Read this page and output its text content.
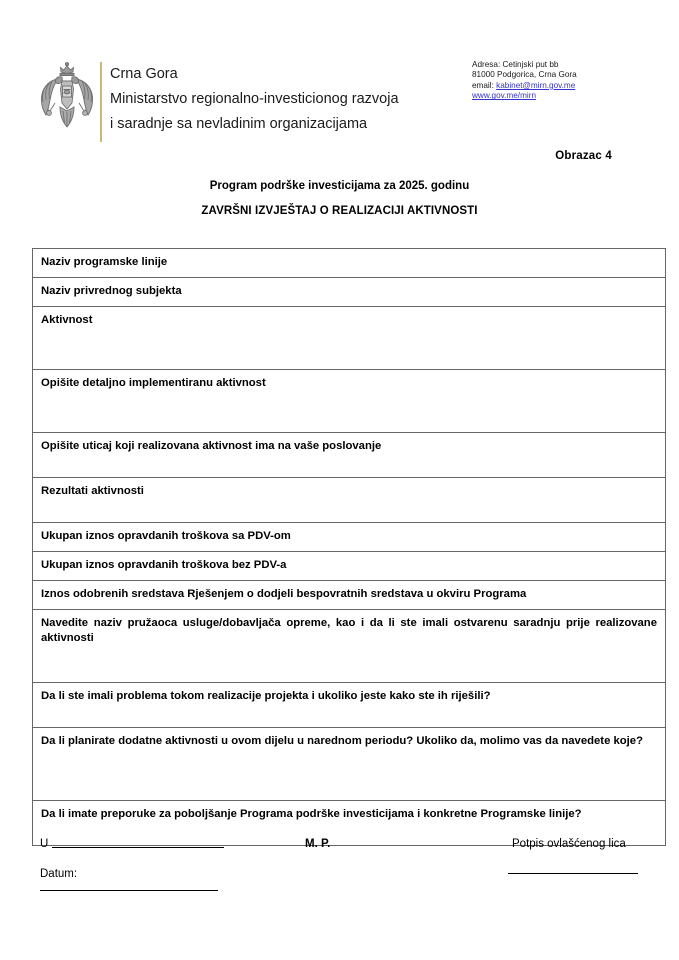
Crna Gora
Ministarstvo regionalno-investicionog razvoja
i saradnje sa nevladinim organizacijama
Adresa: Cetinjski put bb
81000 Podgorica, Crna Gora
email: kabinet@mirn.gov.me
www.gov.me/mirn
Obrazac 4
Program podrške investicijama za 2025. godinu
ZAVRŠNI IZVJEŠTAJ O REALIZACIJI AKTIVNOSTI
Naziv programske linije
Naziv privrednog subjekta
Aktivnost
Opišite detaljno implementiranu aktivnost
Opišite uticaj koji realizovana aktivnost ima na vaše poslovanje
Rezultati aktivnosti
Ukupan iznos opravdanih troškova sa PDV-om
Ukupan iznos opravdanih troškova bez PDV-a
Iznos odobrenih sredstava Rješenjem o dodjeli bespovratnih sredstava u okviru Programa
Navedite naziv pružaoca usluge/dobavljača opreme, kao i da li ste imali ostvarenu saradnju prije realizovane aktivnosti
Da li ste imali problema tokom realizacije projekta i ukoliko jeste kako ste ih riješili?
Da li planirate dodatne aktivnosti u ovom dijelu u narednom periodu? Ukoliko da, molimo vas da navedete koje?
Da li imate preporuke za poboljšanje Programa podrške investicijama i konkretne Programske linije?
U	M. P.	Potpis ovlašćenog lica
Datum:
